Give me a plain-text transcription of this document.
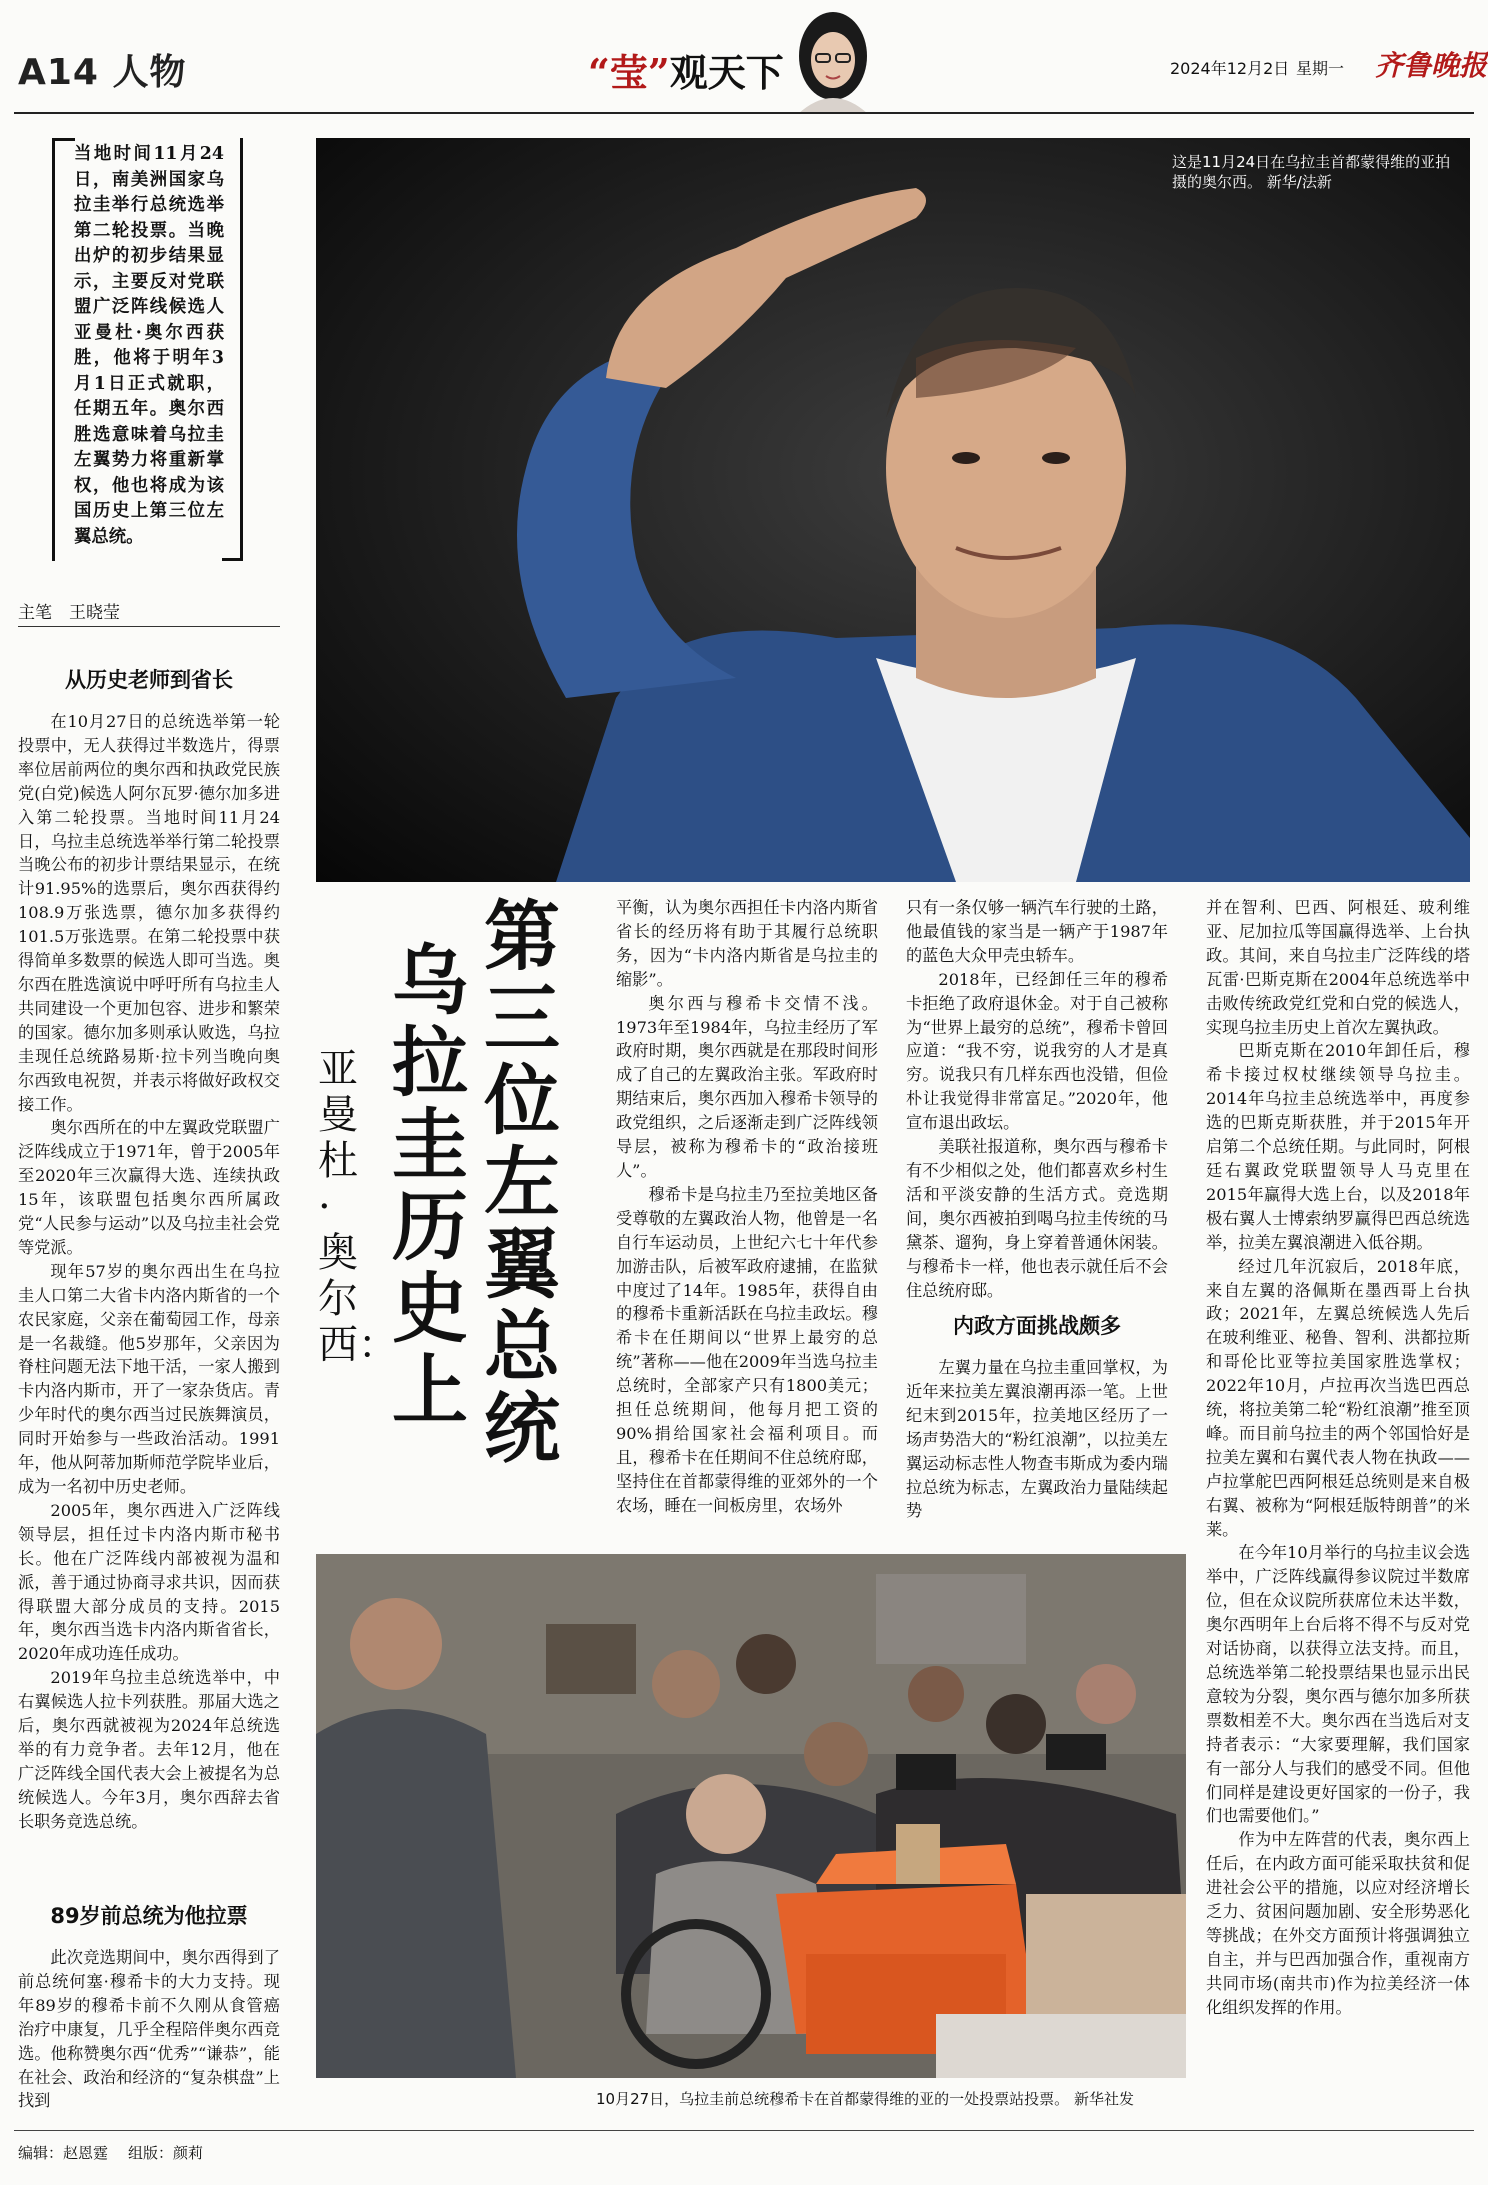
A14 人物	“莹”观天下	2024年12月2日 星期一 齐鲁晚报
当地时间11月24日，南美洲国家乌拉圭举行总统选举第二轮投票。当晚出炉的初步结果显示，主要反对党联盟广泛阵线候选人亚曼杜·奥尔西获胜，他将于明年3月1日正式就职，任期五年。奥尔西胜选意味着乌拉圭左翼势力将重新掌权，他也将成为该国历史上第三位左翼总统。
主笔　王晓莹
这是11月24日在乌拉圭首都蒙得维的亚拍摄的奥尔西。 新华/法新
第三位左翼总统
乌拉圭历史上
亚曼杜·奥尔西：
从历史老师到省长

在10月27日的总统选举第一轮投票中，无人获得过半数选片，得票率位居前两位的奥尔西和执政党民族党(白党)候选人阿尔瓦罗·德尔加多进入第二轮投票。当地时间11月24日，乌拉圭总统选举举行第二轮投票当晚公布的初步计票结果显示，在统计91.95%的选票后，奥尔西获得约108.9万张选票，德尔加多获得约101.5万张选票。在第二轮投票中获得简单多数票的候选人即可当选。奥尔西在胜选演说中呼吁所有乌拉圭人共同建设一个更加包容、进步和繁荣的国家。德尔加多则承认败选，乌拉圭现任总统路易斯·拉卡列当晚向奥尔西致电祝贺，并表示将做好政权交接工作。

奥尔西所在的中左翼政党联盟广泛阵线成立于1971年，曾于2005年至2020年三次赢得大选、连续执政15年，该联盟包括奥尔西所属政党“人民参与运动”以及乌拉圭社会党等党派。

现年57岁的奥尔西出生在乌拉圭人口第二大省卡内洛内斯省的一个农民家庭，父亲在葡萄园工作，母亲是一名裁缝。他5岁那年，父亲因为脊柱问题无法下地干活，一家人搬到卡内洛内斯市，开了一家杂货店。青少年时代的奥尔西当过民族舞演员，同时开始参与一些政治活动。1991年，他从阿蒂加斯师范学院毕业后，成为一名初中历史老师。

2005年，奥尔西进入广泛阵线领导层，担任过卡内洛内斯市秘书长。他在广泛阵线内部被视为温和派，善于通过协商寻求共识，因而获得联盟大部分成员的支持。2015年，奥尔西当选卡内洛内斯省省长，2020年成功连任成功。

2019年乌拉圭总统选举中，中右翼候选人拉卡列获胜。那届大选之后，奥尔西就被视为2024年总统选举的有力竞争者。去年12月，他在广泛阵线全国代表大会上被提名为总统候选人。今年3月，奥尔西辞去省长职务竞选总统。

89岁前总统为他拉票

此次竞选期间中，奥尔西得到了前总统何塞·穆希卡的大力支持。现年89岁的穆希卡前不久刚从食管癌治疗中康复，几乎全程陪伴奥尔西竞选。他称赞奥尔西“优秀”“谦恭”，能在社会、政治和经济的“复杂棋盘”上找到

平衡，认为奥尔西担任卡内洛内斯省省长的经历将有助于其履行总统职务，因为“卡内洛内斯省是乌拉圭的缩影”。

奥尔西与穆希卡交情不浅。1973年至1984年，乌拉圭经历了军政府时期，奥尔西就是在那段时间形成了自己的左翼政治主张。军政府时期结束后，奥尔西加入穆希卡领导的政党组织，之后逐渐走到广泛阵线领导层，被称为穆希卡的“政治接班人”。

穆希卡是乌拉圭乃至拉美地区备受尊敬的左翼政治人物，他曾是一名自行车运动员，上世纪六七十年代参加游击队，后被军政府逮捕，在监狱中度过了14年。1985年，获得自由的穆希卡重新活跃在乌拉圭政坛。穆希卡在任期间以“世界上最穷的总统”著称——他在2009年当选乌拉圭总统时，全部家产只有1800美元；担任总统期间，他每月把工资的90%捐给国家社会福利项目。而且，穆希卡在任期间不住总统府邸，坚持住在首都蒙得维的亚郊外的一个农场，睡在一间板房里，农场外

只有一条仅够一辆汽车行驶的土路，他最值钱的家当是一辆产于1987年的蓝色大众甲壳虫轿车。

2018年，已经卸任三年的穆希卡拒绝了政府退休金。对于自己被称为“世界上最穷的总统”，穆希卡曾回应道：“我不穷，说我穷的人才是真穷。说我只有几样东西也没错，但俭朴让我觉得非常富足。”2020年，他宣布退出政坛。

美联社报道称，奥尔西与穆希卡有不少相似之处，他们都喜欢乡村生活和平淡安静的生活方式。竞选期间，奥尔西被拍到喝乌拉圭传统的马黛茶、遛狗，身上穿着普通休闲装。与穆希卡一样，他也表示就任后不会住总统府邸。

内政方面挑战颇多

左翼力量在乌拉圭重回掌权，为近年来拉美左翼浪潮再添一笔。上世纪末到2015年，拉美地区经历了一场声势浩大的“粉红浪潮”，以拉美左翼运动标志性人物查韦斯成为委内瑞拉总统为标志，左翼政治力量陆续起势

并在智利、巴西、阿根廷、玻利维亚、尼加拉瓜等国赢得选举、上台执政。其间，来自乌拉圭广泛阵线的塔瓦雷·巴斯克斯在2004年总统选举中击败传统政党红党和白党的候选人，实现乌拉圭历史上首次左翼执政。

巴斯克斯在2010年卸任后，穆希卡接过权杖继续领导乌拉圭。2014年乌拉圭总统选举中，再度参选的巴斯克斯获胜，并于2015年开启第二个总统任期。与此同时，阿根廷右翼政党联盟领导人马克里在2015年赢得大选上台，以及2018年极右翼人士博索纳罗赢得巴西总统选举，拉美左翼浪潮进入低谷期。

经过几年沉寂后，2018年底，来自左翼的洛佩斯在墨西哥上台执政；2021年，左翼总统候选人先后在玻利维亚、秘鲁、智利、洪都拉斯和哥伦比亚等拉美国家胜选掌权；2022年10月，卢拉再次当选巴西总统，将拉美第二轮“粉红浪潮”推至顶峰。而目前乌拉圭的两个邻国恰好是拉美左翼和右翼代表人物在执政——卢拉掌舵巴西阿根廷总统则是来自极右翼、被称为“阿根廷版特朗普”的米莱。

在今年10月举行的乌拉圭议会选举中，广泛阵线赢得参议院过半数席位，但在众议院所获席位未达半数，奥尔西明年上台后将不得不与反对党对话协商，以获得立法支持。而且，总统选举第二轮投票结果也显示出民意较为分裂，奥尔西与德尔加多所获票数相差不大。奥尔西在当选后对支持者表示：“大家要理解，我们国家有一部分人与我们的感受不同。但他们同样是建设更好国家的一份子，我们也需要他们。”

作为中左阵营的代表，奥尔西上任后，在内政方面可能采取扶贫和促进社会公平的措施，以应对经济增长乏力、贫困问题加剧、安全形势恶化等挑战；在外交方面预计将强调独立自主，并与巴西加强合作，重视南方共同市场(南共市)作为拉美经济一体化组织发挥的作用。

10月27日，乌拉圭前总统穆希卡在首都蒙得维的亚的一处投票站投票。 新华社发
编辑：赵恩霆 组版：颜莉
